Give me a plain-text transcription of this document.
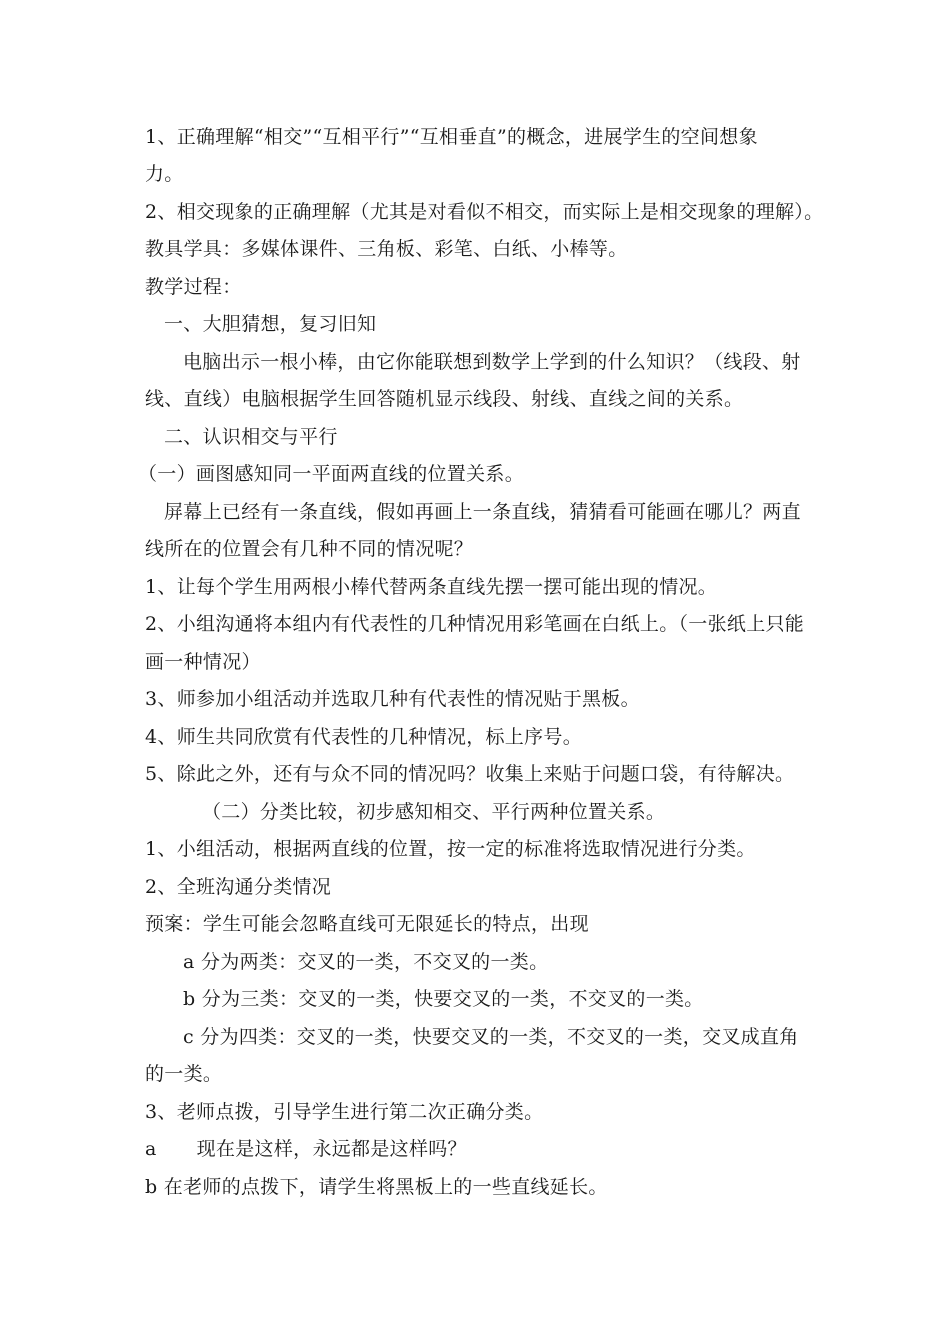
1、正确理解“相交”“互相平行”“互相垂直”的概念，进展学生的空间想象
力。
2、相交现象的正确理解（尤其是对看似不相交，而实际上是相交现象的理解）。
教具学具：多媒体课件、三角板、彩笔、白纸、小棒等。
教学过程：
一、大胆猜想，复习旧知
电脑出示一根小棒，由它你能联想到数学上学到的什么知识？（线段、射
线、直线）电脑根据学生回答随机显示线段、射线、直线之间的关系。
二、认识相交与平行
（一）画图感知同一平面两直线的位置关系。
屏幕上已经有一条直线，假如再画上一条直线，猜猜看可能画在哪儿？两直
线所在的位置会有几种不同的情况呢？
1、让每个学生用两根小棒代替两条直线先摆一摆可能出现的情况。
2、小组沟通将本组内有代表性的几种情况用彩笔画在白纸上。（一张纸上只能
画一种情况）
3、师参加小组活动并选取几种有代表性的情况贴于黑板。
4、师生共同欣赏有代表性的几种情况，标上序号。
5、除此之外，还有与众不同的情况吗？收集上来贴于问题口袋，有待解决。
（二）分类比较，初步感知相交、平行两种位置关系。
1、小组活动，根据两直线的位置，按一定的标准将选取情况进行分类。
2、全班沟通分类情况
预案：学生可能会忽略直线可无限延长的特点，出现
a 分为两类：交叉的一类，不交叉的一类。
b 分为三类：交叉的一类，快要交叉的一类，不交叉的一类。
c 分为四类：交叉的一类，快要交叉的一类，不交叉的一类，交叉成直角
的一类。
3、老师点拨，引导学生进行第二次正确分类。
a 现在是这样，永远都是这样吗？
b 在老师的点拨下，请学生将黑板上的一些直线延长。
